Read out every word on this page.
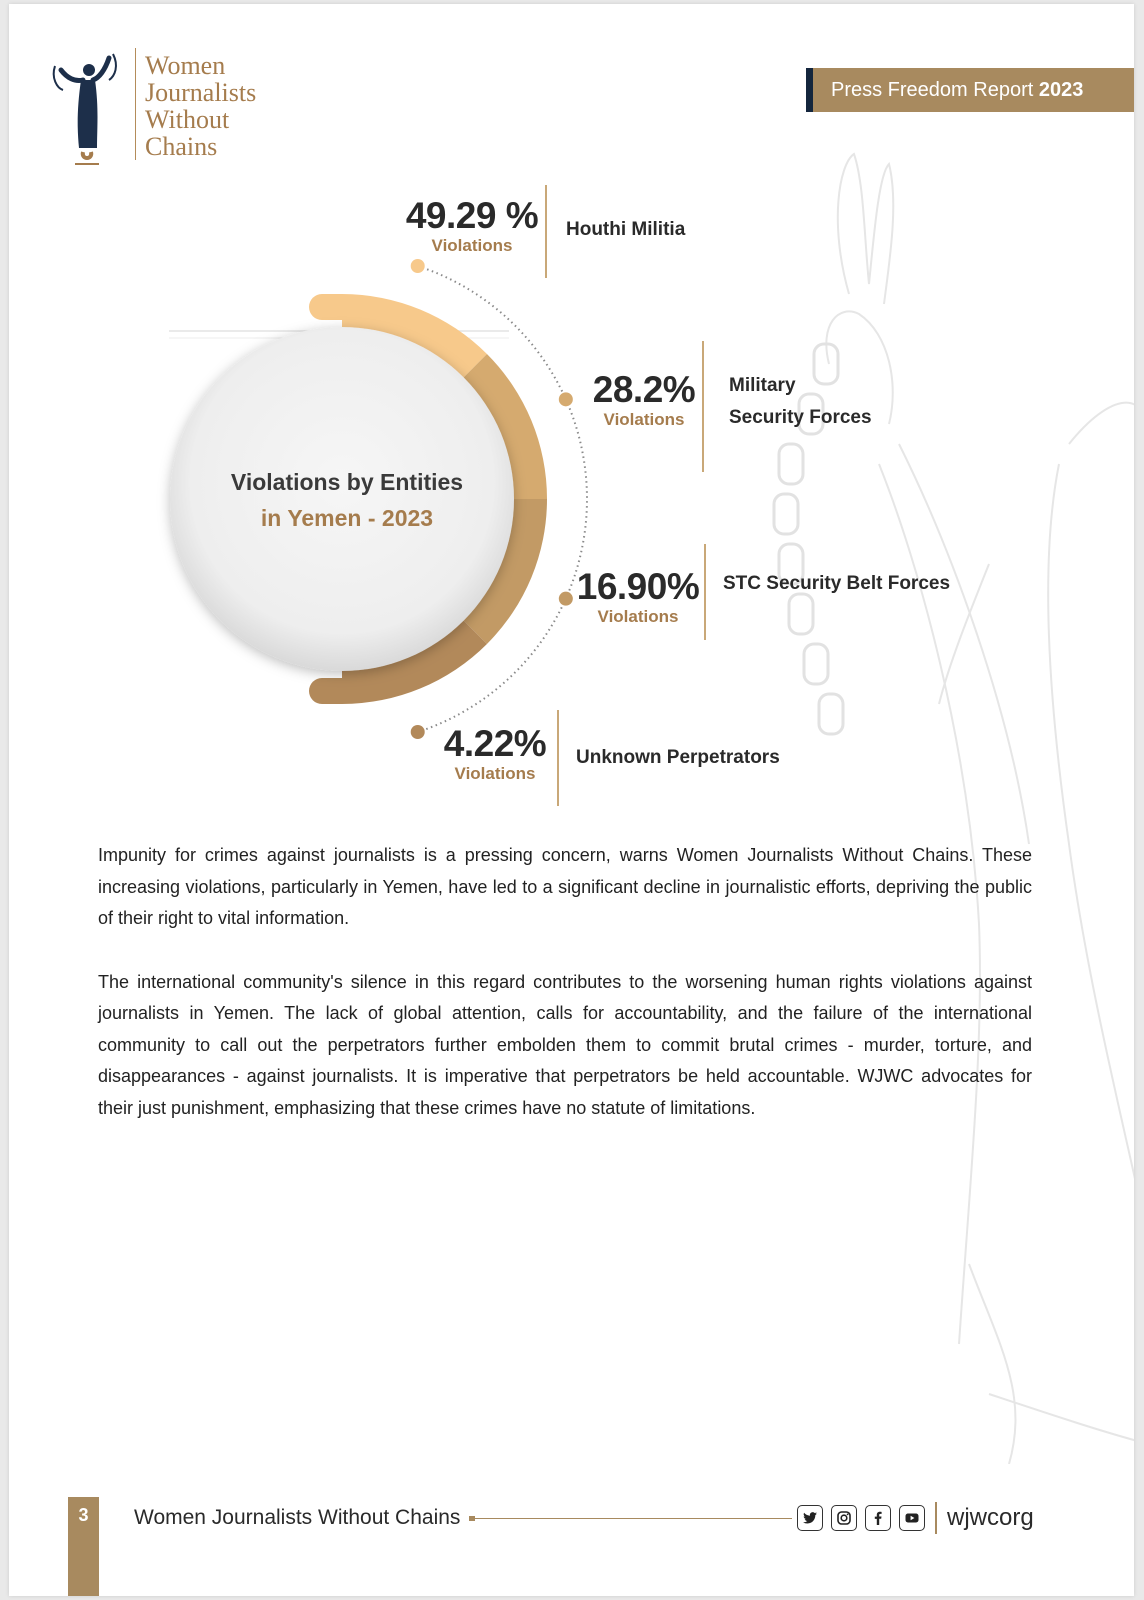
Women
Journalists
Without
Chains
Press Freedom Report 2023
Violations by Entities
in Yemen - 2023
49.29 %
Violations
Houthi Militia
28.2%
Violations
Military
Security Forces
16.90%
Violations
STC Security Belt Forces
4.22%
Violations
Unknown Perpetrators

Impunity for crimes against journalists is a pressing concern, warns Women Journalists Without Chains. These increasing violations, particularly in Yemen, have led to a significant decline in journalistic efforts, depriving the public of their right to vital information.

The international community's silence in this regard contributes to the worsening human rights violations against journalists in Yemen. The lack of global attention, calls for accountability, and the failure of the international community to call out the perpetrators further embolden them to commit brutal crimes - murder, torture, and disappearances - against journalists. It is imperative that perpetrators be held accountable. WJWC advocates for their just punishment, emphasizing that these crimes have no statute of limitations.

3	Women Journalists Without Chains	wjwcorg
